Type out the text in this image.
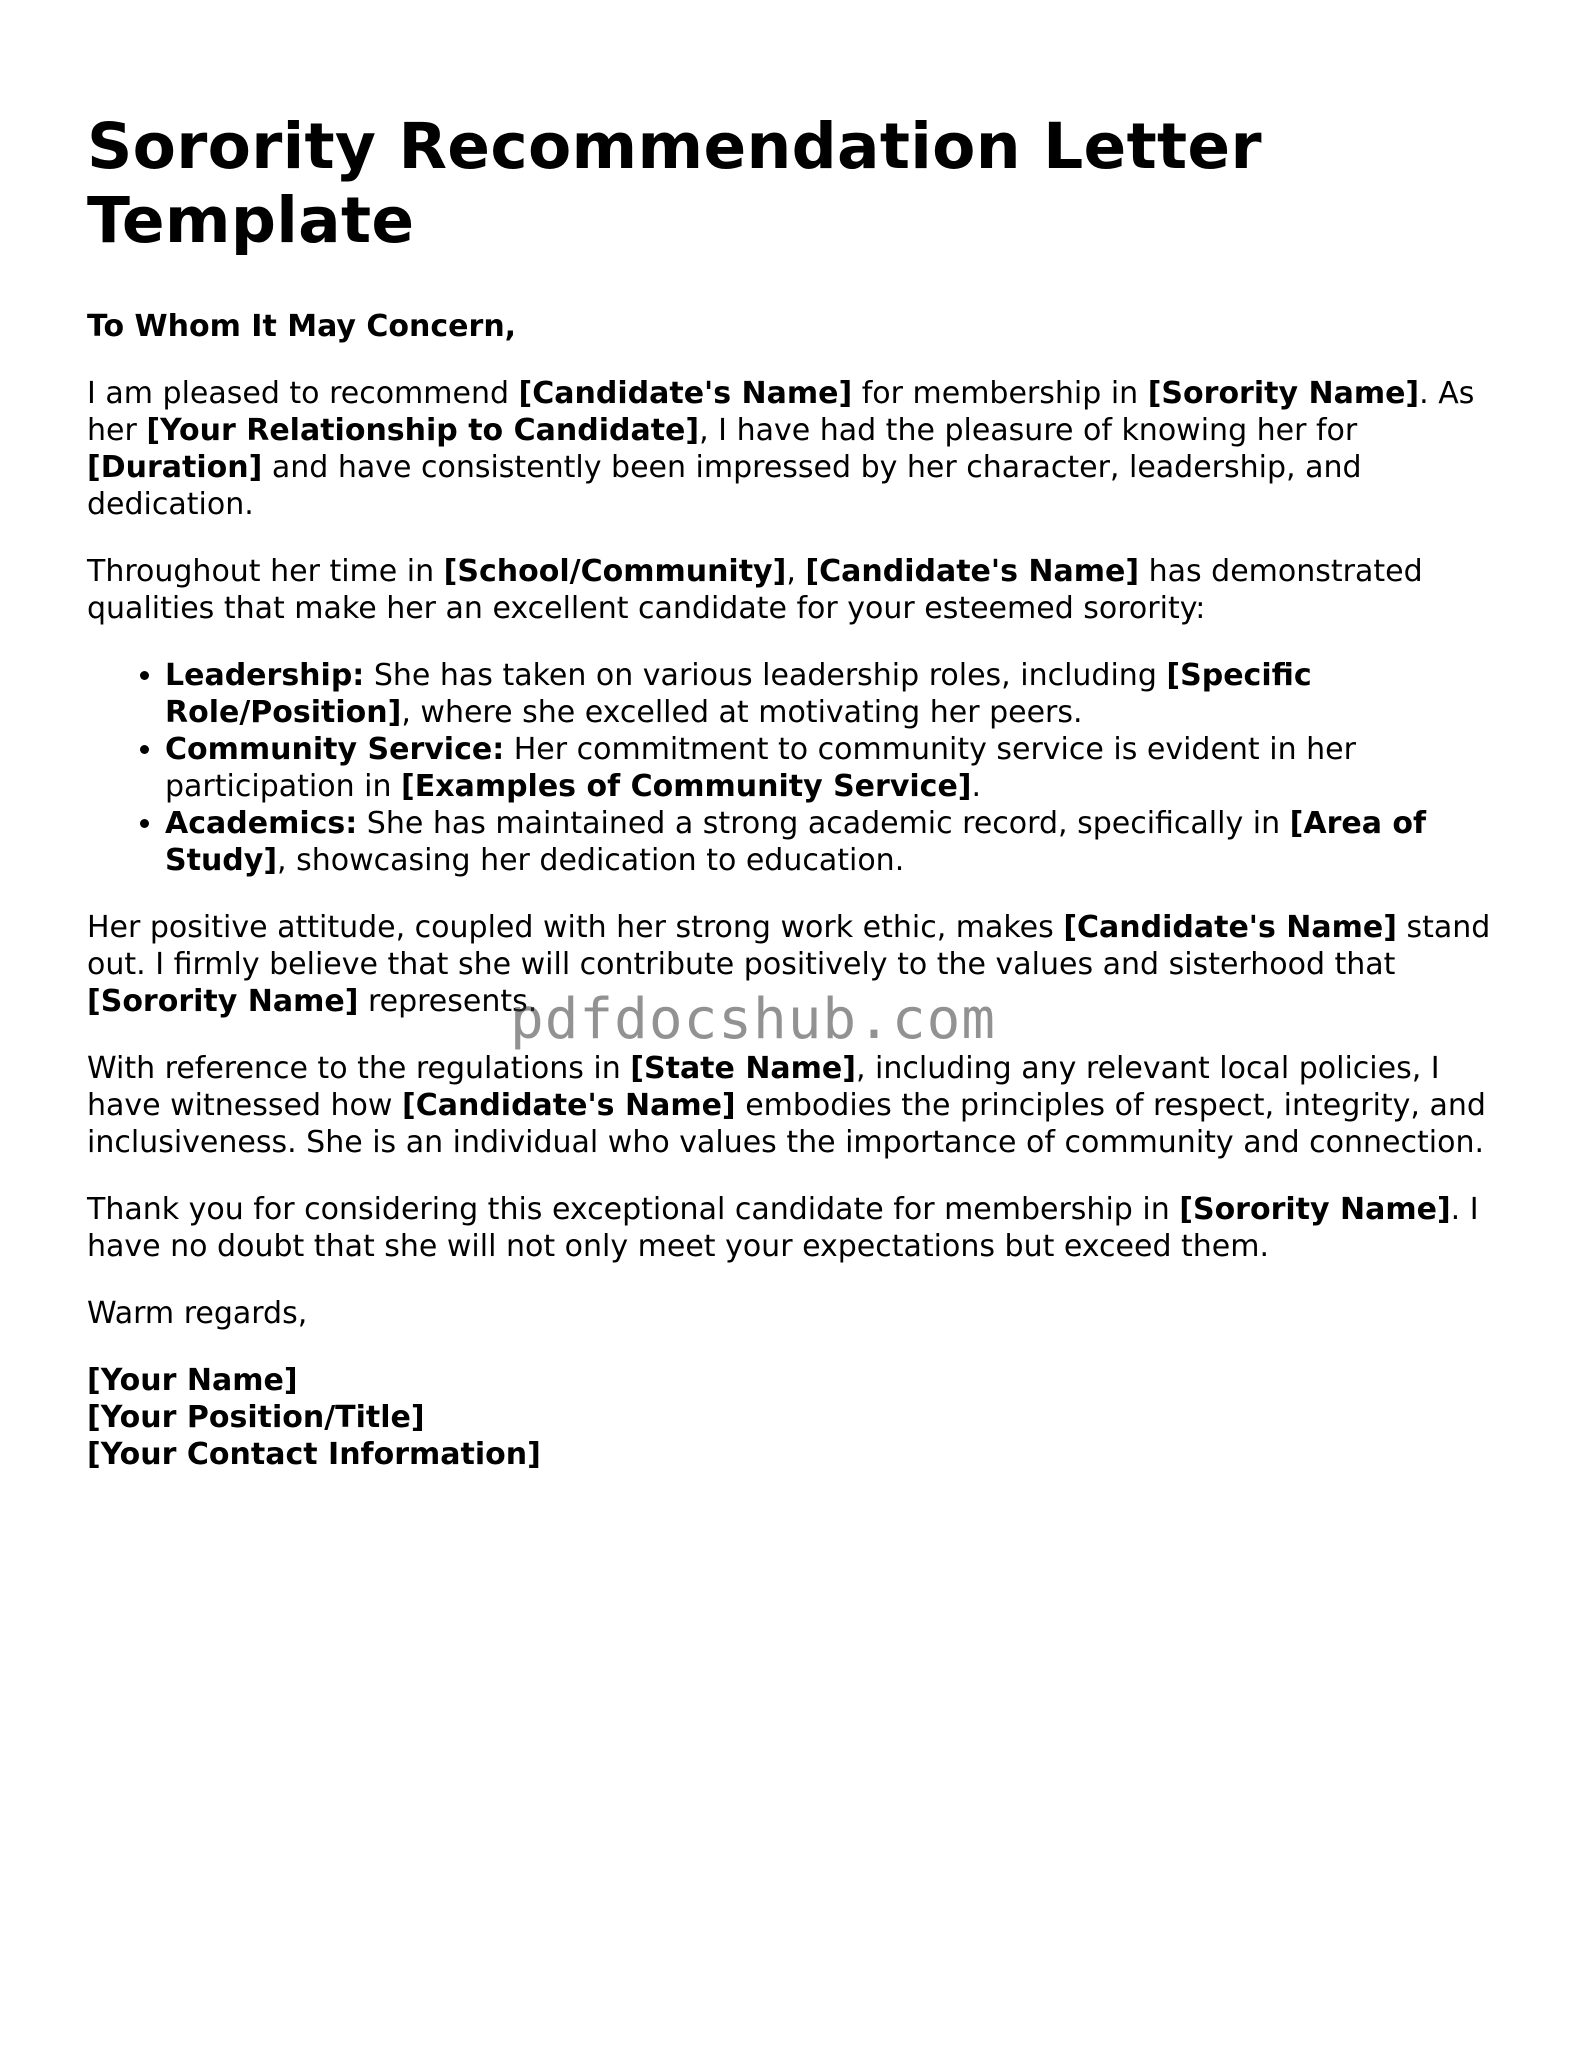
Sorority Recommendation Letter Template
To Whom It May Concern,

I am pleased to recommend [Candidate's Name] for membership in [Sorority Name]. As her [Your Relationship to Candidate], I have had the pleasure of knowing her for [Duration] and have consistently been impressed by her character, leadership, and dedication.

Throughout her time in [School/Community], [Candidate's Name] has demonstrated qualities that make her an excellent candidate for your esteemed sorority:

• Leadership: She has taken on various leadership roles, including [Specific Role/Position], where she excelled at motivating her peers.
• Community Service: Her commitment to community service is evident in her participation in [Examples of Community Service].
• Academics: She has maintained a strong academic record, specifically in [Area of Study], showcasing her dedication to education.

Her positive attitude, coupled with her strong work ethic, makes [Candidate's Name] stand out. I firmly believe that she will contribute positively to the values and sisterhood that [Sorority Name] represents.

With reference to the regulations in [State Name], including any relevant local policies, I have witnessed how [Candidate's Name] embodies the principles of respect, integrity, and inclusiveness. She is an individual who values the importance of community and connection.

Thank you for considering this exceptional candidate for membership in [Sorority Name]. I have no doubt that she will not only meet your expectations but exceed them.

Warm regards,

[Your Name]
[Your Position/Title]
[Your Contact Information]
pdfdocshub.com
